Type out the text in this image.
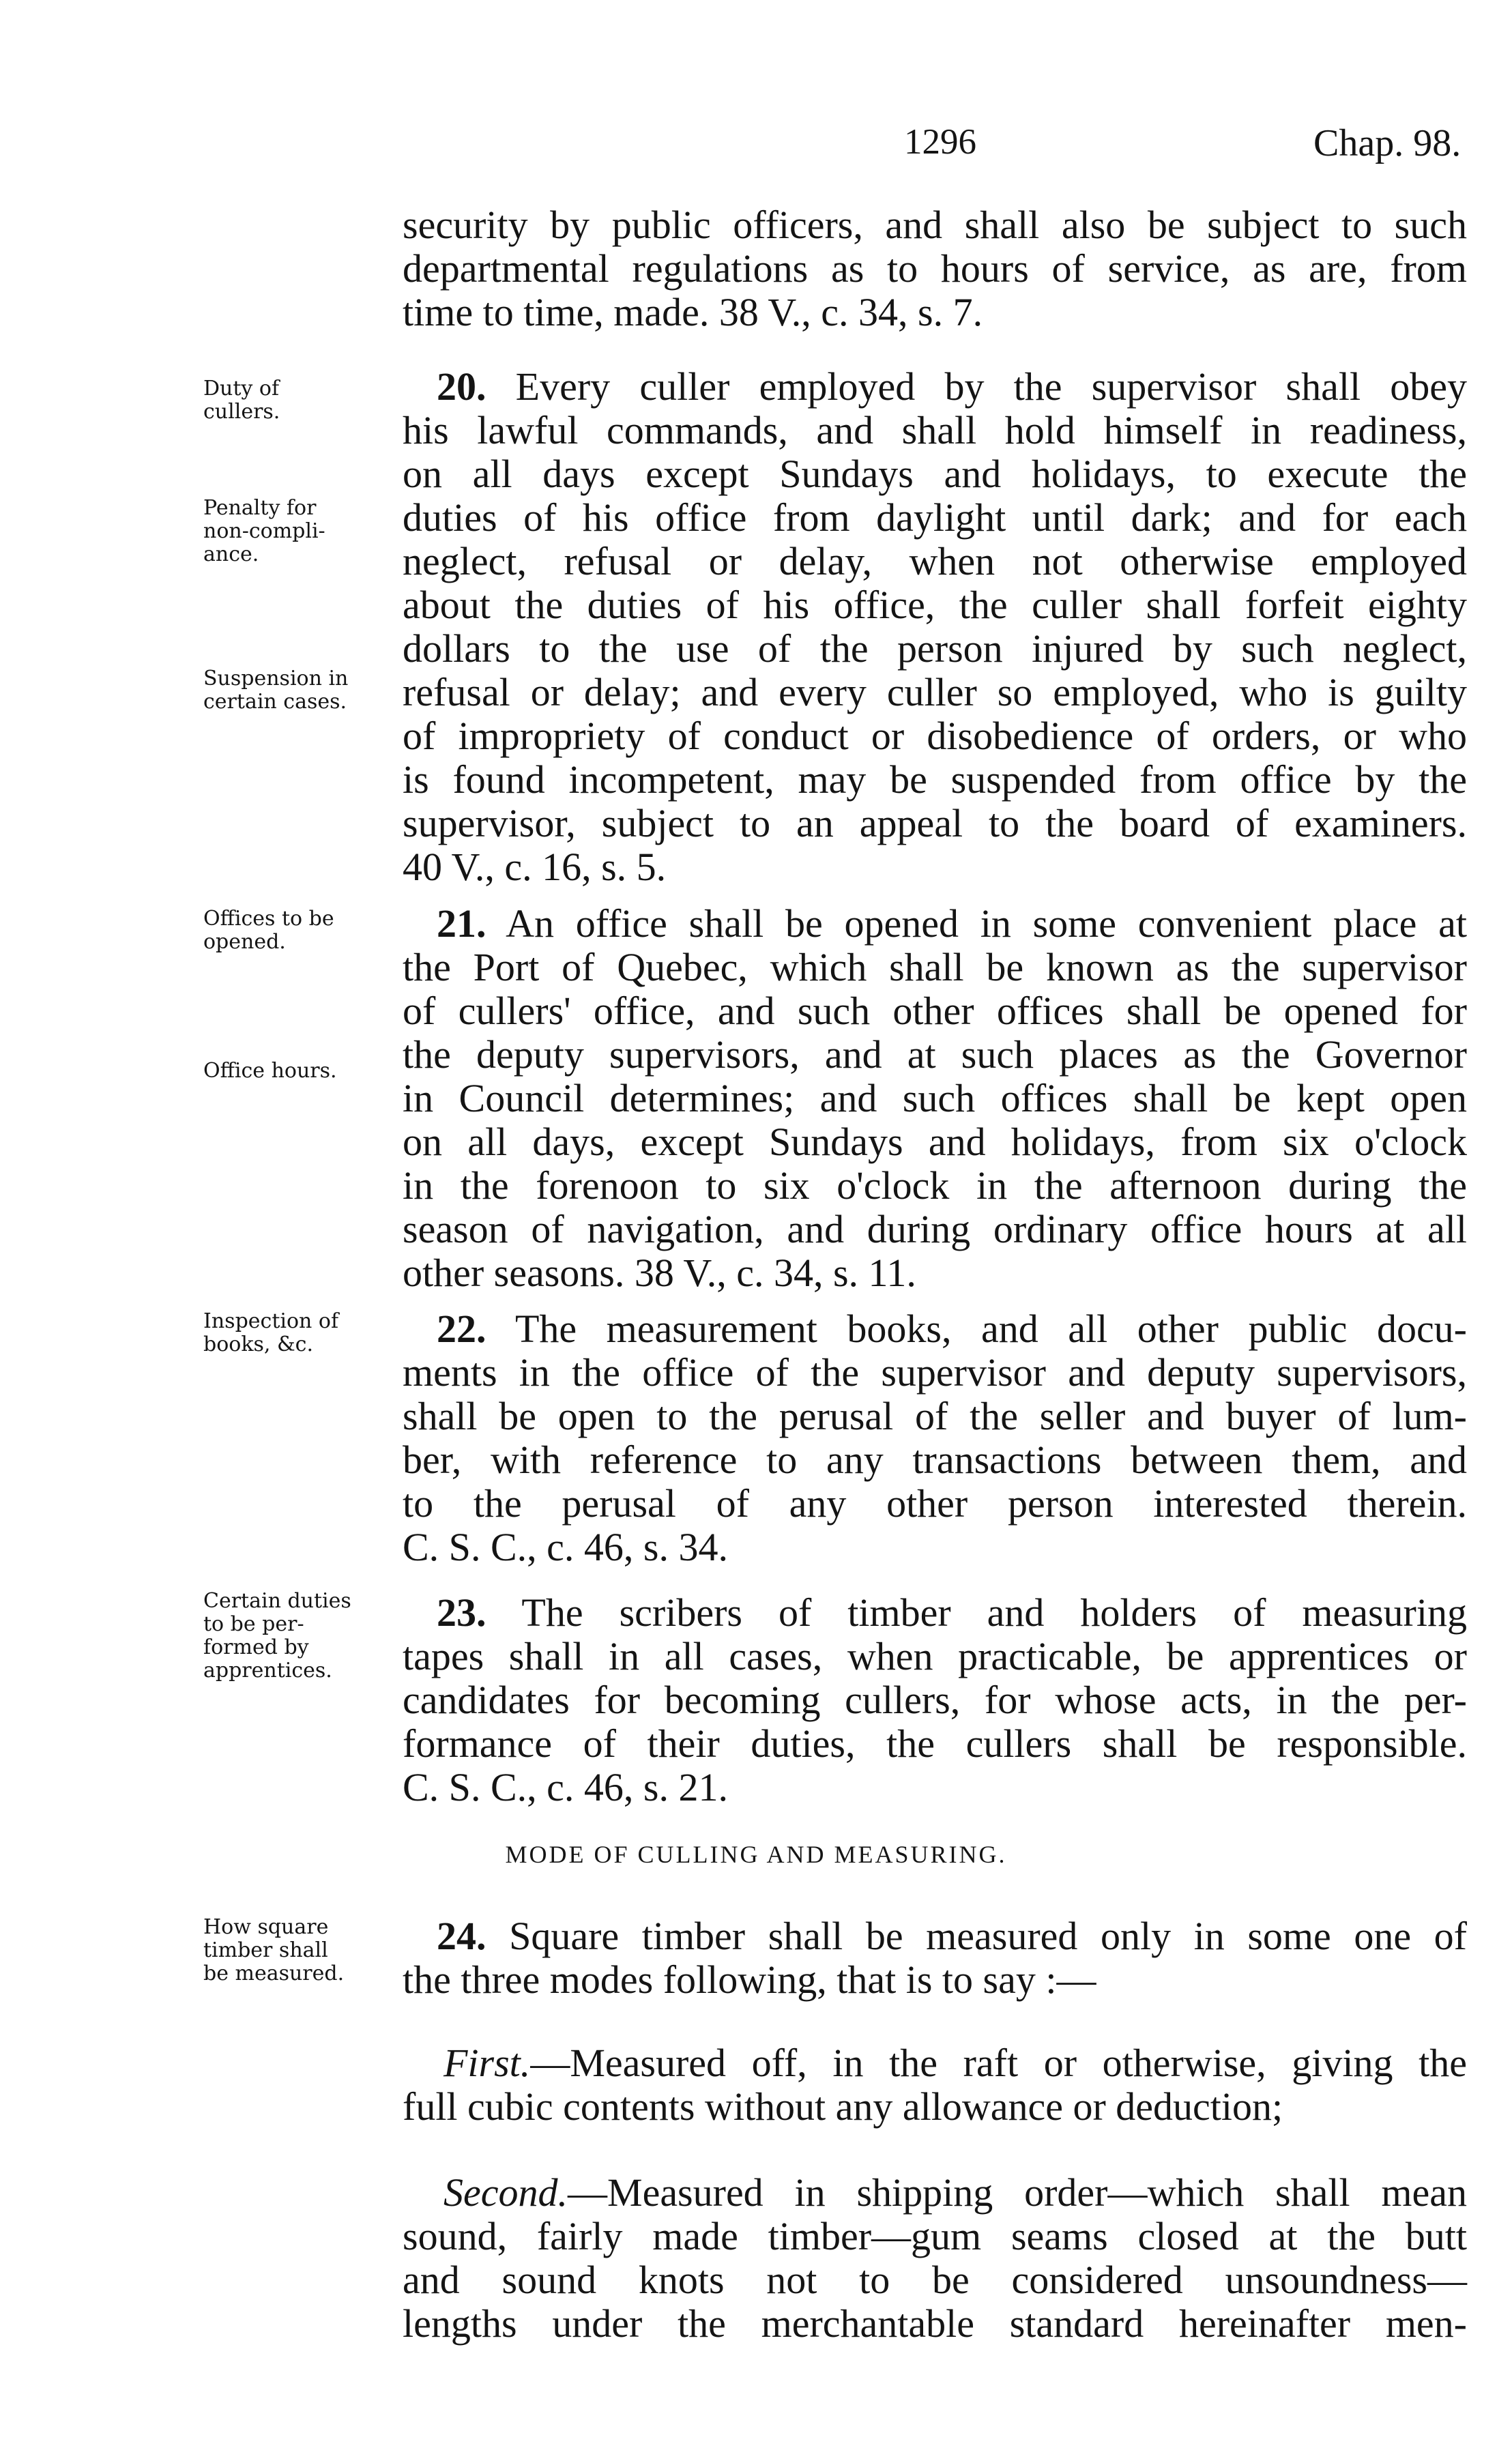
1296	Chap. 98.
security by public officers, and shall also be subject to such
departmental regulations as to hours of service, as are, from
time to time, made. 38 V., c. 34, s. 7.
Duty of
cullers.
Penalty for
non-compli-
ance.
Suspension in
certain cases.
Offices to be
opened.
Office hours.
Inspection of
books, &c.
Certain duties
to be per-
formed by
apprentices.
How square
timber shall
be measured.
20. Every culler employed by the supervisor shall obey
his lawful commands, and shall hold himself in readiness,
on all days except Sundays and holidays, to execute the
duties of his office from daylight until dark; and for each
neglect, refusal or delay, when not otherwise employed
about the duties of his office, the culler shall forfeit eighty
dollars to the use of the person injured by such neglect,
refusal or delay; and every culler so employed, who is guilty
of impropriety of conduct or disobedience of orders, or who
is found incompetent, may be suspended from office by the
supervisor, subject to an appeal to the board of examiners.
40 V., c. 16, s. 5.
21. An office shall be opened in some convenient place at
the Port of Quebec, which shall be known as the supervisor
of cullers' office, and such other offices shall be opened for
the deputy supervisors, and at such places as the Governor
in Council determines; and such offices shall be kept open
on all days, except Sundays and holidays, from six o'clock
in the forenoon to six o'clock in the afternoon during the
season of navigation, and during ordinary office hours at all
other seasons. 38 V., c. 34, s. 11.
22. The measurement books, and all other public docu-
ments in the office of the supervisor and deputy supervisors,
shall be open to the perusal of the seller and buyer of lum-
ber, with reference to any transactions between them, and
to the perusal of any other person interested therein.
C. S. C., c. 46, s. 34.
23. The scribers of timber and holders of measuring
tapes shall in all cases, when practicable, be apprentices or
candidates for becoming cullers, for whose acts, in the per-
formance of their duties, the cullers shall be responsible.
C. S. C., c. 46, s. 21.
MODE OF CULLING AND MEASURING.
24. Square timber shall be measured only in some one of
the three modes following, that is to say :—
First.—Measured off, in the raft or otherwise, giving the
full cubic contents without any allowance or deduction;
Second.—Measured in shipping order—which shall mean
sound, fairly made timber—gum seams closed at the butt
and sound knots not to be considered unsoundness—
lengths under the merchantable standard hereinafter men-
